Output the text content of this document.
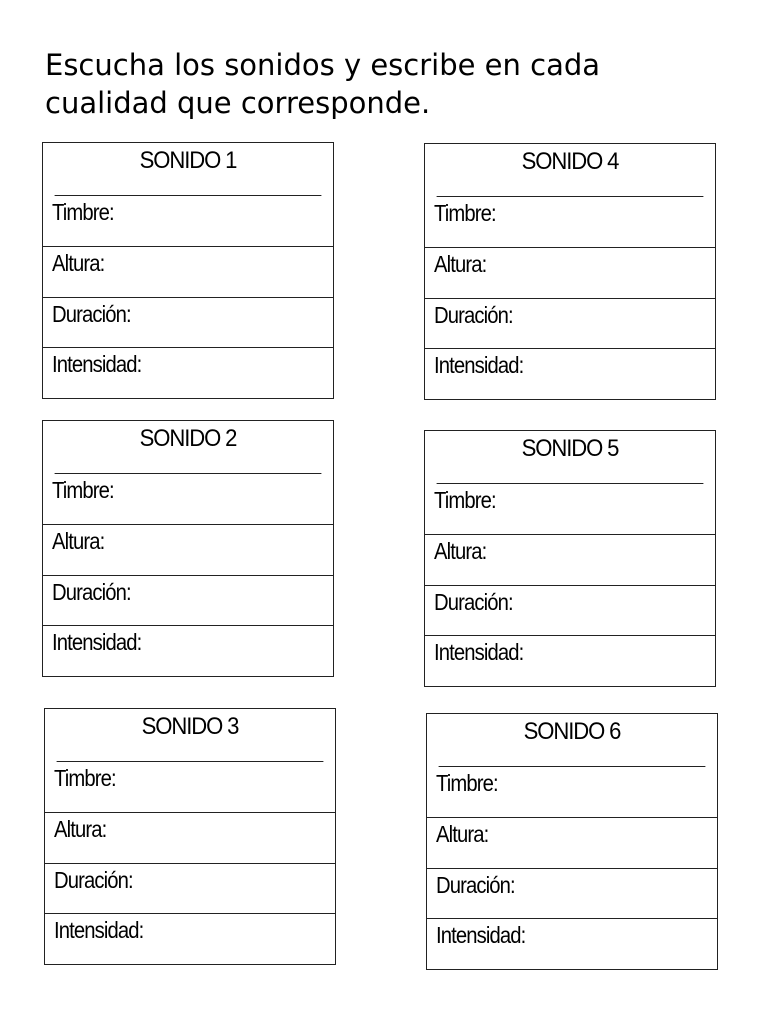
Escucha los sonidos y escribe en cada
cualidad que corresponde.
SONIDO 1
Timbre:
Altura:
Duración:
Intensidad:
SONIDO 2
Timbre:
Altura:
Duración:
Intensidad:
SONIDO 3
Timbre:
Altura:
Duración:
Intensidad:
SONIDO 4
Timbre:
Altura:
Duración:
Intensidad:
SONIDO 5
Timbre:
Altura:
Duración:
Intensidad:
SONIDO 6
Timbre:
Altura:
Duración:
Intensidad:
